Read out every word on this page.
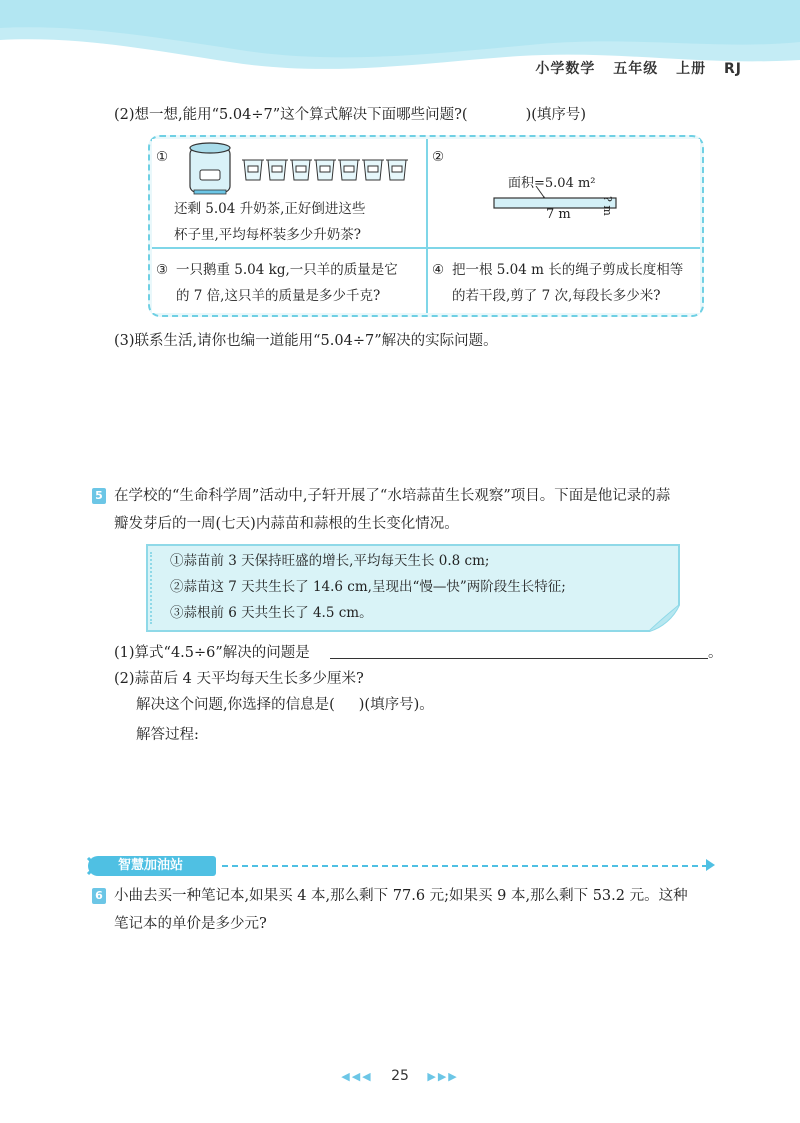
小学数学 五年级 上册 RJ
(2)想一想,能用“5.04÷7”这个算式解决下面哪些问题?(	)(填序号)
①
还剩 5.04 升奶茶,正好倒进这些
杯子里,平均每杯装多少升奶茶?
②
面积=5.04 m²
7 m	? m
③ 一只鹅重 5.04 kg,一只羊的质量是它
的 7 倍,这只羊的质量是多少千克?
④ 把一根 5.04 m 长的绳子剪成长度相等
的若干段,剪了 7 次,每段长多少米?
(3)联系生活,请你也编一道能用“5.04÷7”解决的实际问题。
5 在学校的“生命科学周”活动中,子轩开展了“水培蒜苗生长观察”项目。下面是他记录的蒜
瓣发芽后的一周(七天)内蒜苗和蒜根的生长变化情况。
①蒜苗前 3 天保持旺盛的增长,平均每天生长 0.8 cm;
②蒜苗这 7 天共生长了 14.6 cm,呈现出“慢—快”两阶段生长特征;
③蒜根前 6 天共生长了 4.5 cm。
(1)算式“4.5÷6”解决的问题是	。
(2)蒜苗后 4 天平均每天生长多少厘米?
解决这个问题,你选择的信息是( )(填序号)。
解答过程:
智慧加油站
6 小曲去买一种笔记本,如果买 4 本,那么剩下 77.6 元;如果买 9 本,那么剩下 53.2 元。这种
笔记本的单价是多少元?
◀◀◀ 25 ▶▶▶
